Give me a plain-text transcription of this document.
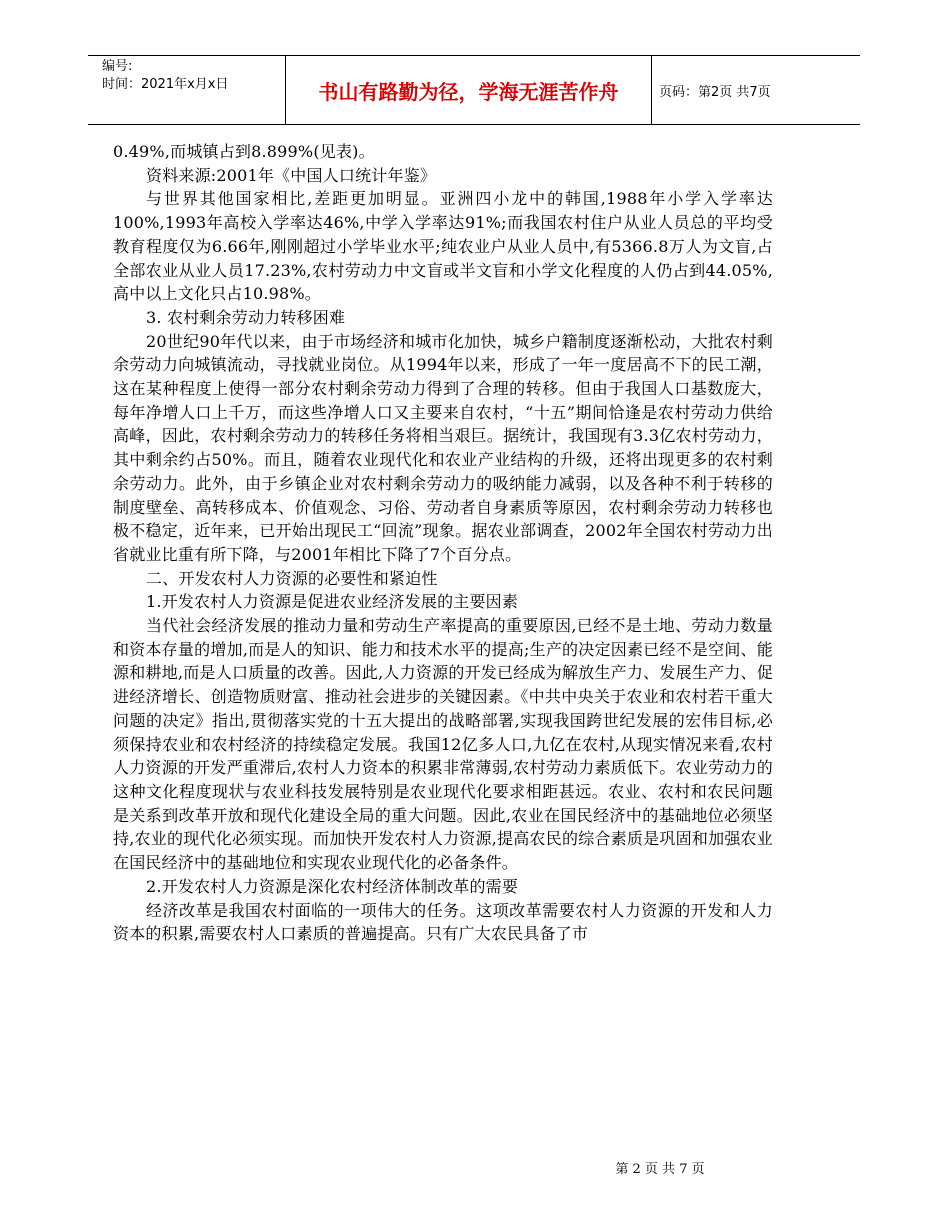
编号:
时间：2021年x月x日	书山有路勤为径，学海无涯苦作舟	页码：第2页 共7页

0.49%,而城镇占到8.899%(见表)。

资料来源:2001年《中国人口统计年鉴》

与世界其他国家相比,差距更加明显。亚洲四小龙中的韩国,1988年小学入学率达100%,1993年高校入学率达46%,中学入学率达91%;而我国农村住户从业人员总的平均受教育程度仅为6.66年,刚刚超过小学毕业水平;纯农业户从业人员中,有5366.8万人为文盲,占全部农业从业人员17.23%,农村劳动力中文盲或半文盲和小学文化程度的人仍占到44.05%,高中以上文化只占10.98%。

3. 农村剩余劳动力转移困难

20世纪90年代以来，由于市场经济和城市化加快，城乡户籍制度逐渐松动，大批农村剩余劳动力向城镇流动，寻找就业岗位。从1994年以来，形成了一年一度居高不下的民工潮，这在某种程度上使得一部分农村剩余劳动力得到了合理的转移。但由于我国人口基数庞大，每年净增人口上千万，而这些净增人口又主要来自农村，“十五”期间恰逢是农村劳动力供给高峰，因此，农村剩余劳动力的转移任务将相当艰巨。据统计，我国现有3.3亿农村劳动力，其中剩余约占50%。而且，随着农业现代化和农业产业结构的升级，还将出现更多的农村剩余劳动力。此外，由于乡镇企业对农村剩余劳动力的吸纳能力减弱，以及各种不利于转移的制度壁垒、高转移成本、价值观念、习俗、劳动者自身素质等原因，农村剩余劳动力转移也极不稳定，近年来，已开始出现民工“回流”现象。据农业部调查，2002年全国农村劳动力出省就业比重有所下降，与2001年相比下降了7个百分点。

二、开发农村人力资源的必要性和紧迫性

1.开发农村人力资源是促进农业经济发展的主要因素

当代社会经济发展的推动力量和劳动生产率提高的重要原因,已经不是土地、劳动力数量和资本存量的增加,而是人的知识、能力和技术水平的提高;生产的决定因素已经不是空间、能源和耕地,而是人口质量的改善。因此,人力资源的开发已经成为解放生产力、发展生产力、促进经济增长、创造物质财富、推动社会进步的关键因素。《中共中央关于农业和农村若干重大问题的决定》指出,贯彻落实党的十五大提出的战略部署,实现我国跨世纪发展的宏伟目标,必须保持农业和农村经济的持续稳定发展。我国12亿多人口,九亿在农村,从现实情况来看,农村人力资源的开发严重滞后,农村人力资本的积累非常薄弱,农村劳动力素质低下。农业劳动力的这种文化程度现状与农业科技发展特别是农业现代化要求相距甚远。农业、农村和农民问题是关系到改革开放和现代化建设全局的重大问题。因此,农业在国民经济中的基础地位必须坚持,农业的现代化必须实现。而加快开发农村人力资源,提高农民的综合素质是巩固和加强农业在国民经济中的基础地位和实现农业现代化的必备条件。

2.开发农村人力资源是深化农村经济体制改革的需要

经济改革是我国农村面临的一项伟大的任务。这项改革需要农村人力资源的开发和人力资本的积累,需要农村人口素质的普遍提高。只有广大农民具备了市

第 2 页 共 7 页
